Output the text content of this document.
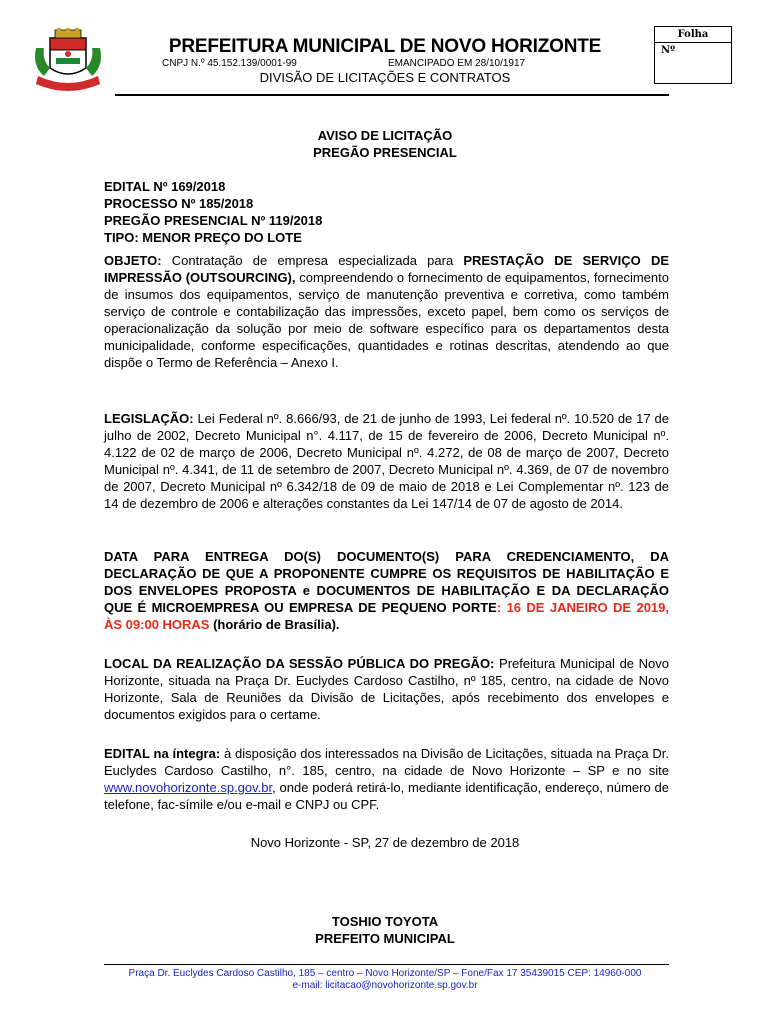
PREFEITURA MUNICIPAL DE NOVO HORIZONTE
CNPJ N.º 45.152.139/0001-99	EMANCIPADO EM 28/10/1917
DIVISÃO DE LICITAÇÕES E CONTRATOS
Folha
Nº
AVISO DE LICITAÇÃO
PREGÃO PRESENCIAL
EDITAL Nº 169/2018
PROCESSO Nº 185/2018
PREGÃO PRESENCIAL Nº 119/2018
TIPO: MENOR PREÇO DO LOTE
OBJETO: Contratação de empresa especializada para PRESTAÇÃO DE SERVIÇO DE IMPRESSÃO (OUTSOURCING), compreendendo o fornecimento de equipamentos, fornecimento de insumos dos equipamentos, serviço de manutenção preventiva e corretiva, como também serviço de controle e contabilização das impressões, exceto papel, bem como os serviços de operacionalização da solução por meio de software específico para os departamentos desta municipalidade, conforme especificações, quantidades e rotinas descritas, atendendo ao que dispõe o Termo de Referência – Anexo I.
LEGISLAÇÃO: Lei Federal nº. 8.666/93, de 21 de junho de 1993, Lei federal nº. 10.520 de 17 de julho de 2002, Decreto Municipal n°. 4.117, de 15 de fevereiro de 2006, Decreto Municipal nº. 4.122 de 02 de março de 2006, Decreto Municipal nº. 4.272, de 08 de março de 2007, Decreto Municipal nº. 4.341, de 11 de setembro de 2007, Decreto Municipal nº. 4.369, de 07 de novembro de 2007, Decreto Municipal nº 6.342/18 de 09 de maio de 2018 e Lei Complementar nº. 123 de 14 de dezembro de 2006 e alterações constantes da Lei 147/14 de 07 de agosto de 2014.
DATA PARA ENTREGA DO(S) DOCUMENTO(S) PARA CREDENCIAMENTO, DA DECLARAÇÃO DE QUE A PROPONENTE CUMPRE OS REQUISITOS DE HABILITAÇÃO E DOS ENVELOPES PROPOSTA e DOCUMENTOS DE HABILITAÇÃO E DA DECLARAÇÃO QUE É MICROEMPRESA OU EMPRESA DE PEQUENO PORTE: 16 DE JANEIRO DE 2019, ÀS 09:00 HORAS (horário de Brasília).
LOCAL DA REALIZAÇÃO DA SESSÃO PÚBLICA DO PREGÃO: Prefeitura Municipal de Novo Horizonte, situada na Praça Dr. Euclydes Cardoso Castilho, nº 185, centro, na cidade de Novo Horizonte, Sala de Reuniões da Divisão de Licitações, após recebimento dos envelopes e documentos exigidos para o certame.
EDITAL na íntegra: à disposição dos interessados na Divisão de Licitações, situada na Praça Dr. Euclydes Cardoso Castilho, n°. 185, centro, na cidade de Novo Horizonte – SP e no site www.novohorizonte.sp.gov.br, onde poderá retirá-lo, mediante identificação, endereço, número de telefone, fac-símile e/ou e-mail e CNPJ ou CPF.
Novo Horizonte - SP, 27 de dezembro de 2018
TOSHIO TOYOTA
PREFEITO MUNICIPAL
Praça Dr. Euclydes Cardoso Castilho, 185 – centro – Novo Horizonte/SP – Fone/Fax 17 35439015 CEP: 14960-000
e-mail: licitacao@novohorizonte.sp.gov.br
